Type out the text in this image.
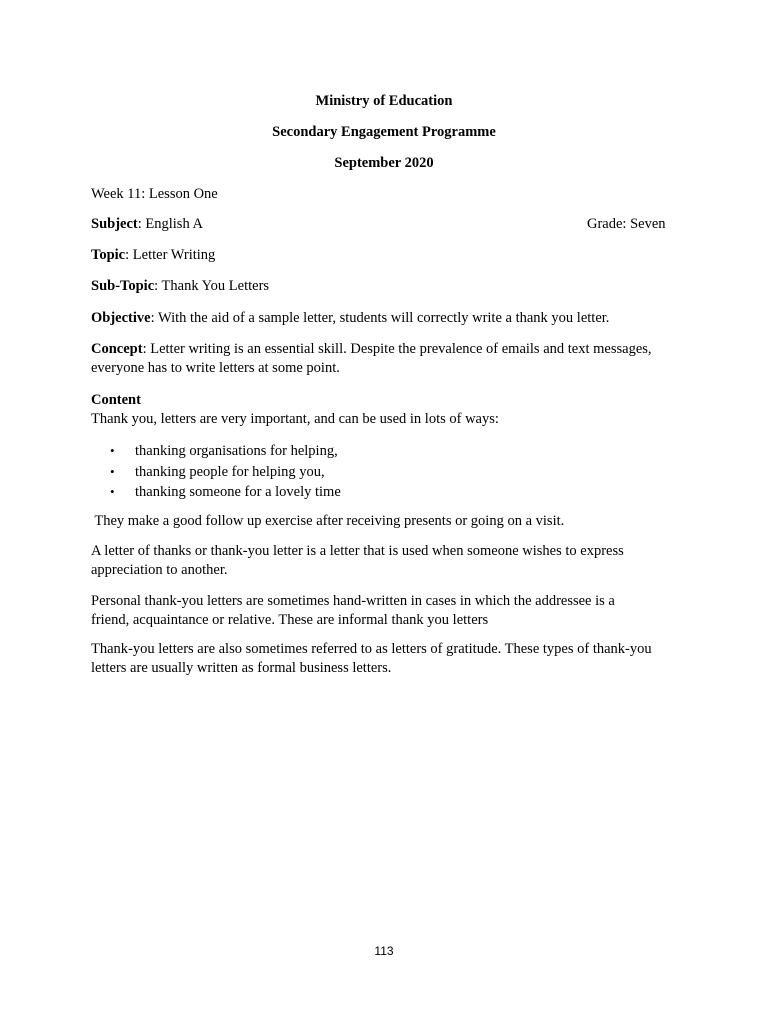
Ministry of Education
Secondary Engagement Programme
September 2020
Week 11: Lesson One
Subject: English A	Grade: Seven
Topic: Letter Writing
Sub-Topic: Thank You Letters
Objective: With the aid of a sample letter, students will correctly write a thank you letter.
Concept: Letter writing is an essential skill. Despite the prevalence of emails and text messages,
everyone has to write letters at some point.
Content
Thank you, letters are very important, and can be used in lots of ways:
• thanking organisations for helping,
• thanking people for helping you,
• thanking someone for a lovely time
They make a good follow up exercise after receiving presents or going on a visit.
A letter of thanks or thank-you letter is a letter that is used when someone wishes to express
appreciation to another.
Personal thank-you letters are sometimes hand-written in cases in which the addressee is a
friend, acquaintance or relative. These are informal thank you letters
Thank-you letters are also sometimes referred to as letters of gratitude. These types of thank-you
letters are usually written as formal business letters.
113
